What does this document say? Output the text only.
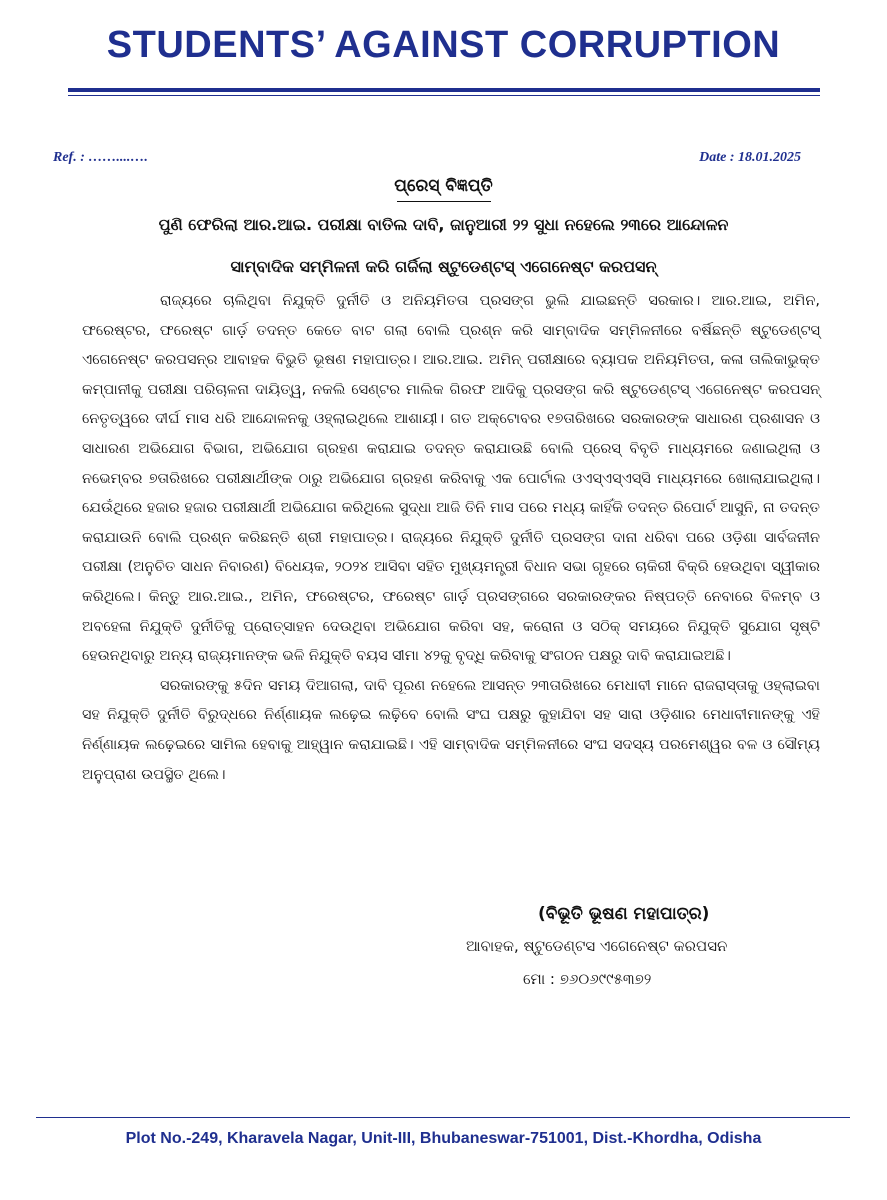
STUDENTS’ AGAINST CORRUPTION
Ref. : ……....….	Date : 18.01.2025
ପ୍ରେସ୍ ବିଜ୍ଞପ୍ତି
ପୁଣି ଫେରିଲା ଆର.ଆଇ. ପରୀକ୍ଷା ବାତିଲ ଦାବି, ଜାନୁଆରୀ ୨୨ ସୁଧା ନହେଲେ ୨୩ରେ ଆନ୍ଦୋଳନ
ସାମ୍ବାଦିକ ସମ୍ମିଳନୀ କରି ଗର୍ଜିଲା ଷ୍ଟୁଡେଣ୍ଟସ୍ ଏଗେନେଷ୍ଟ କରପସନ୍

ରାଜ୍ୟରେ ଚାଲିଥିବା ନିଯୁକ୍ତି ଦୁର୍ନୀତି ଓ ଅନିୟମିତତା ପ୍ରସଙ୍ଗ ଭୁଲି ଯାଇଛନ୍ତି ସରକାର। ଆର.ଆଇ, ଅମିନ, ଫରେଷ୍ଟର, ଫରେଷ୍ଟ ଗାର୍ଡ଼ ତଦନ୍ତ କେତେ ବାଟ ଗଲା ବୋଲି ପ୍ରଶ୍ନ କରି ସାମ୍ବାଦିକ ସମ୍ମିଳନୀରେ ବର୍ଷିଛନ୍ତି ଷ୍ଟୁଡେଣ୍ଟସ୍ ଏଗେନେଷ୍ଟ କରପସନ୍‌ର ଆବାହକ ବିଭୁତି ଭୂଷଣ ମହାପାତ୍ର। ଆର.ଆଇ. ଅମିନ୍ ପରୀକ୍ଷାରେ ବ୍ୟାପକ ଅନିୟମିତତା, କଳା ତାଲିକାଭୁକ୍ତ କମ୍ପାନୀକୁ ପରୀକ୍ଷା ପରିଚାଳନା ଦାୟିତ୍ୱ, ନକଲି ସେଣ୍ଟର ମାଲିକ ଗିରଫ ଆଦିକୁ ପ୍ରସଙ୍ଗ କରି ଷ୍ଟୁଡେଣ୍ଟସ୍ ଏଗେନେଷ୍ଟ କରପସନ୍ ନେତୃତ୍ୱରେ ଦୀର୍ଘ ମାସ ଧରି ଆନ୍ଦୋଳନକୁ ଓହ୍ଲାଇଥିଲେ ଆଶାୟୀ। ଗତ ଅକ୍ଟୋବର ୧୭ତାରିଖରେ ସରକାରଙ୍କ ସାଧାରଣ ପ୍ରଶାସନ ଓ ସାଧାରଣ ଅଭିଯୋଗ ବିଭାଗ, ଅଭିଯୋଗ ଗ୍ରହଣ କରାଯାଇ ତଦନ୍ତ କରାଯାଉଛି ବୋଲି ପ୍ରେସ୍ ବିବୃତି ମାଧ୍ୟମରେ ଜଣାଇଥିଲା ଓ ନଭେମ୍ବର ୭ତାରିଖରେ ପରୀକ୍ଷାର୍ଥୀଙ୍କ ଠାରୁ ଅଭିଯୋଗ ଗ୍ରହଣ କରିବାକୁ ଏକ ପୋର୍ଟାଲ ଓଏସ୍ଏସ୍ଏସ୍‌ସି ମାଧ୍ୟମରେ ଖୋଲାଯାଇଥିଲା। ଯେଉଁଥିରେ ହଜାର ହଜାର ପରୀକ୍ଷାର୍ଥୀ ଅଭିଯୋଗ କରିଥିଲେ ସୁଦ୍ଧା ଆଜି ତିନି ମାସ ପରେ ମଧ୍ୟ କାହିଁକି ତଦନ୍ତ ରିପୋର୍ଟ ଆସୁନି, ନା ତଦନ୍ତ କରାଯାଉନି ବୋଲି ପ୍ରଶ୍ନ କରିଛନ୍ତି ଶ୍ରୀ ମହାପାତ୍ର। ରାଜ୍ୟରେ ନିଯୁକ୍ତି ଦୁର୍ନୀତି ପ୍ରସଙ୍ଗ ଦାନା ଧରିବା ପରେ ଓଡ଼ିଶା ସାର୍ବଜନୀନ ପରୀକ୍ଷା (ଅନୁଚିତ ସାଧନ ନିବାରଣ) ବିଧେୟକ, ୨୦୨୪ ଆସିବା ସହିତ ମୁଖ୍ୟମନ୍ତ୍ରୀ ବିଧାନ ସଭା ଗୃହରେ ଚାକିରୀ ବିକ୍ରି ହେଉଥିବା ସ୍ୱୀକାର କରିଥିଲେ। କିନ୍ତୁ ଆର.ଆଇ., ଅମିନ, ଫରେଷ୍ଟର, ଫରେଷ୍ଟ ଗାର୍ଡ଼ ପ୍ରସଙ୍ଗରେ ସରକାରଙ୍କର ନିଷ୍ପତ୍ତି ନେବାରେ ବିଳମ୍ବ ଓ ଅବହେଳା ନିଯୁକ୍ତି ଦୁର୍ନୀତିକୁ ପ୍ରୋତ୍ସାହନ ଦେଉଥିବା ଅଭିଯୋଗ କରିବା ସହ, କରୋନା ଓ ସଠିକ୍ ସମୟରେ ନିଯୁକ୍ତି ସୁଯୋଗ ସୃଷ୍ଟି ହେଉନଥିବାରୁ ଅନ୍ୟ ରାଜ୍ୟମାନଙ୍କ ଭଳି ନିଯୁକ୍ତି ବୟସ ସୀମା ୪୨କୁ ବୃଦ୍ଧି କରିବାକୁ ସଂଗଠନ ପକ୍ଷରୁ ଦାବି କରାଯାଇଅଛି।

ସରକାରଙ୍କୁ ୫ଦିନ ସମୟ ଦିଆଗଲା, ଦାବି ପୂରଣ ନହେଲେ ଆସନ୍ତ ୨୩ତାରିଖରେ ମେଧାବୀ ମାନେ ରାଜରାସ୍ତାକୁ ଓହ୍ଲାଇବା ସହ ନିଯୁକ୍ତି ଦୁର୍ନୀତି ବିରୁଦ୍ଧରେ ନିର୍ଣ୍ଣାୟକ ଲଢ଼େଇ ଲଢ଼ିବେ ବୋଲି ସଂଘ ପକ୍ଷରୁ କୁହାଯିବା ସହ ସାରା ଓଡ଼ିଶାର ମେଧାବୀମାନଙ୍କୁ ଏହି ନିର୍ଣ୍ଣାୟକ ଲଢ଼େଇରେ ସାମିଲ ହେବାକୁ ଆହ୍ୱାନ କରାଯାଇଛି। ଏହି ସାମ୍ବାଦିକ ସମ୍ମିଳନୀରେ ସଂଘ ସଦସ୍ୟ ପରମେଶ୍ୱର ବଳ ଓ ସୌମ୍ୟ ଅନୁପ୍ରାଶ ଉପସ୍ଥିତ ଥିଲେ।

(ବିଭୂତି ଭୂଷଣ ମହାପାତ୍ର)
ଆବାହକ, ଷ୍ଟୁଡେଣ୍ଟସ ଏଗେନେଷ୍ଟ କରପସନ
ମୋ : ୭୬୦୬୯୯୫୩୭୨
Plot No.-249, Kharavela Nagar, Unit-III, Bhubaneswar-751001, Dist.-Khordha, Odisha
